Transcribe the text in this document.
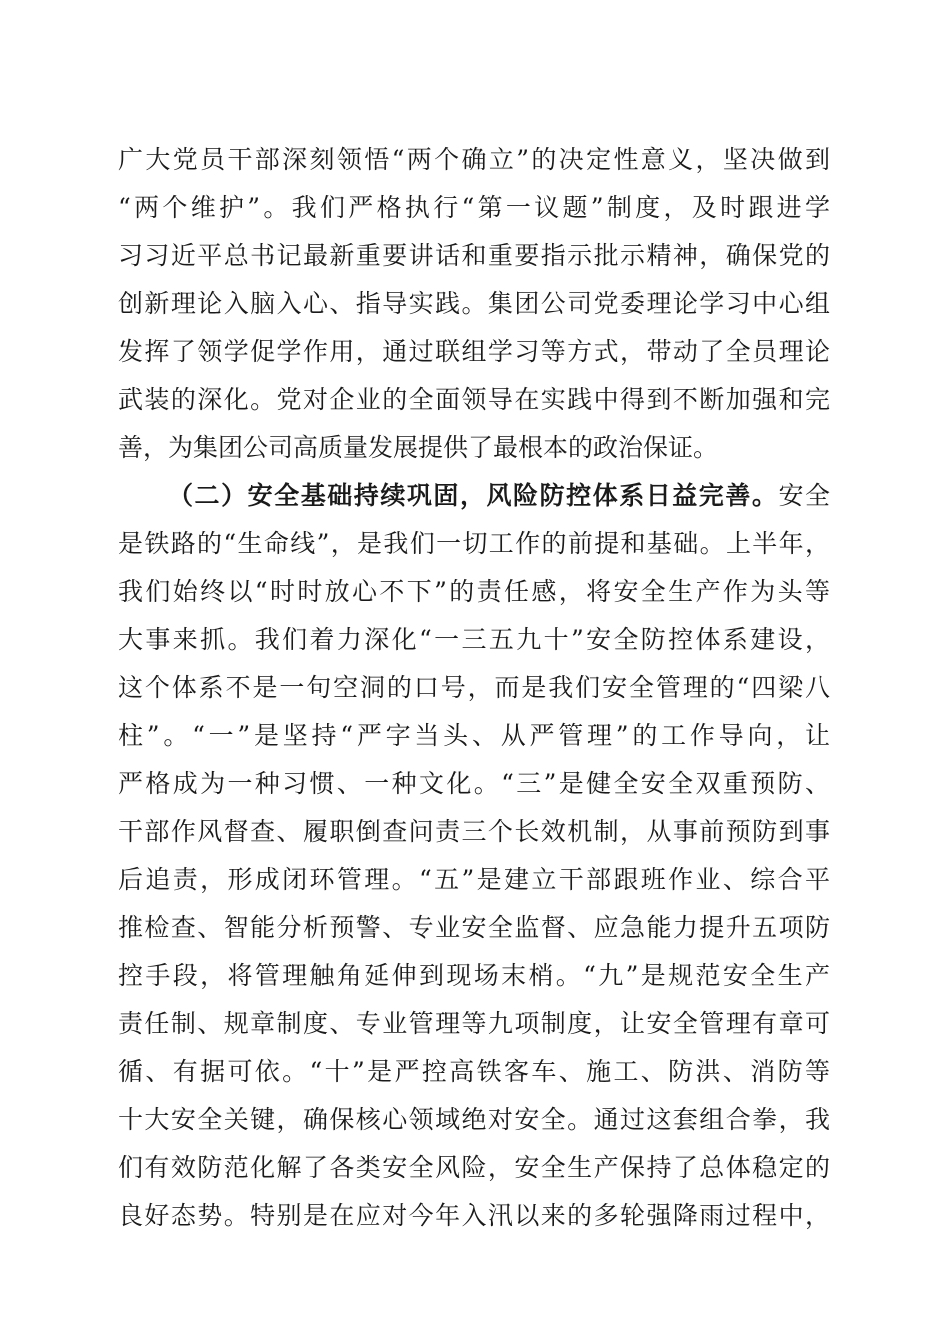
广大党员干部深刻领悟“两个确立”的决定性意义，坚决做到
“两个维护”。我们严格执行“第一议题”制度，及时跟进学
习习近平总书记最新重要讲话和重要指示批示精神，确保党的
创新理论入脑入心、指导实践。集团公司党委理论学习中心组
发挥了领学促学作用，通过联组学习等方式，带动了全员理论
武装的深化。党对企业的全面领导在实践中得到不断加强和完
善，为集团公司高质量发展提供了最根本的政治保证。
（二）安全基础持续巩固，风险防控体系日益完善。安全
是铁路的“生命线”，是我们一切工作的前提和基础。上半年，
我们始终以“时时放心不下”的责任感，将安全生产作为头等
大事来抓。我们着力深化“一三五九十”安全防控体系建设，
这个体系不是一句空洞的口号，而是我们安全管理的“四梁八
柱”。“一”是坚持“严字当头、从严管理”的工作导向，让
严格成为一种习惯、一种文化。“三”是健全安全双重预防、
干部作风督查、履职倒查问责三个长效机制，从事前预防到事
后追责，形成闭环管理。“五”是建立干部跟班作业、综合平
推检查、智能分析预警、专业安全监督、应急能力提升五项防
控手段，将管理触角延伸到现场末梢。“九”是规范安全生产
责任制、规章制度、专业管理等九项制度，让安全管理有章可
循、有据可依。“十”是严控高铁客车、施工、防洪、消防等
十大安全关键，确保核心领域绝对安全。通过这套组合拳，我
们有效防范化解了各类安全风险，安全生产保持了总体稳定的
良好态势。特别是在应对今年入汛以来的多轮强降雨过程中，
